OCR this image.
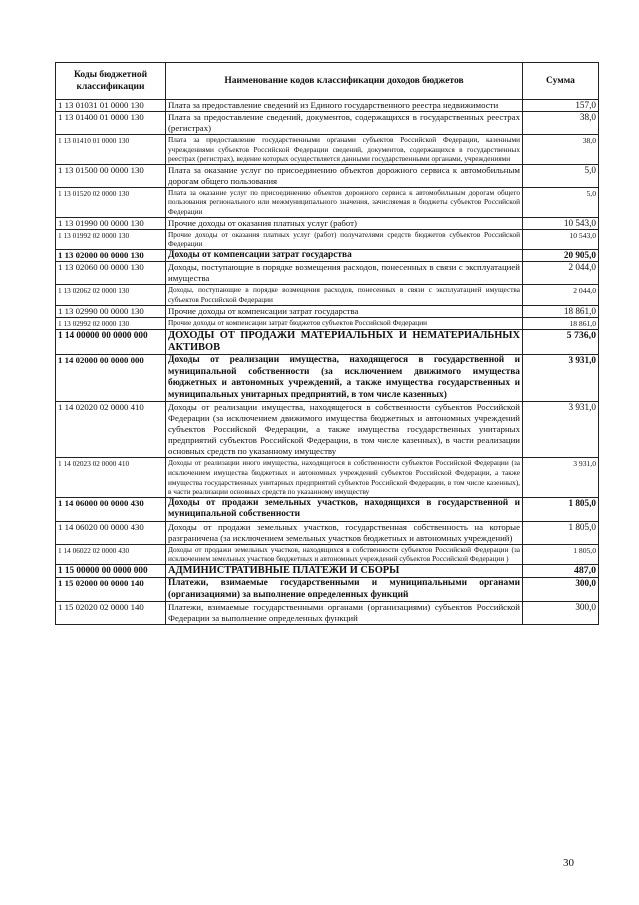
Коды бюджетной классификации	Наименование кодов классификации доходов бюджетов	Сумма
1 13 01031 01 0000 130	Плата за предоставление сведений из Единого государственного реестра недвижимости	157,0
1 13 01400 01 0000 130	Плата за предоставление сведений, документов, содержащихся в государственных реестрах (регистрах)	38,0
1 13 01410 01 0000 130	Плата за предоставление государственными органами субъектов Российской Федерации, казенными учреждениями субъектов Российской Федерации сведений, документов, содержащихся в государственных реестрах (регистрах), ведение которых осуществляется данными государственными органами, учреждениями	38,0
1 13 01500 00 0000 130	Плата за оказание услуг по присоединению объектов дорожного сервиса к автомобильным дорогам общего пользования	5,0
1 13 01520 02 0000 130	Плата за оказание услуг по присоединению объектов дорожного сервиса к автомобильным дорогам общего пользования регионального или межмуниципального значения, зачисляемая в бюджеты субъектов Российской Федерации	5,0
1 13 01990 00 0000 130	Прочие доходы от оказания платных услуг (работ)	10 543,0
1 13 01992 02 0000 130	Прочие доходы от оказания платных услуг (работ) получателями средств бюджетов субъектов Российской Федерации	10 543,0
1 13 02000 00 0000 130	Доходы от компенсации затрат государства	20 905,0
1 13 02060 00 0000 130	Доходы, поступающие в порядке возмещения расходов, понесенных в связи с эксплуатацией имущества	2 044,0
1 13 02062 02 0000 130	Доходы, поступающие в порядке возмещения расходов, понесенных в связи с эксплуатацией имущества субъектов Российской Федерации	2 044,0
1 13 02990 00 0000 130	Прочие доходы от компенсации затрат государства	18 861,0
1 13 02992 02 0000 130	Прочие доходы от компенсации затрат бюджетов субъектов Российской Федерации	18 861,0
1 14 00000 00 0000 000	ДОХОДЫ ОТ ПРОДАЖИ МАТЕРИАЛЬНЫХ И НЕМАТЕРИАЛЬНЫХ АКТИВОВ	5 736,0
1 14 02000 00 0000 000	Доходы от реализации имущества, находящегося в государственной и муниципальной собственности (за исключением движимого имущества бюджетных и автономных учреждений, а также имущества государственных и муниципальных унитарных предприятий, в том числе казенных)	3 931,0
1 14 02020 02 0000 410	Доходы от реализации имущества, находящегося в собственности субъектов Российской Федерации (за исключением движимого имущества бюджетных и автономных учреждений субъектов Российской Федерации, а также имущества государственных унитарных предприятий субъектов Российской Федерации, в том числе казенных), в части реализации основных средств по указанному имуществу	3 931,0
1 14 02023 02 0000 410	Доходы от реализации иного имущества, находящегося в собственности субъектов Российской Федерации (за исключением имущества бюджетных и автономных учреждений субъектов Российской Федерации, а также имущества государственных унитарных предприятий субъектов Российской Федерации, в том числе казенных), в части реализации основных средств по указанному имуществу	3 931,0
1 14 06000 00 0000 430	Доходы от продажи земельных участков, находящихся в государственной и муниципальной собственности	1 805,0
1 14 06020 00 0000 430	Доходы от продажи земельных участков, государственная собственность на которые разграничена (за исключением земельных участков бюджетных и автономных учреждений)	1 805,0
1 14 06022 02 0000 430	Доходы от продажи земельных участков, находящихся в собственности субъектов Российской Федерации (за исключением земельных участков бюджетных и автономных учреждений субъектов Российской Федерации )	1 805,0
1 15 00000 00 0000 000	АДМИНИСТРАТИВНЫЕ ПЛАТЕЖИ И СБОРЫ	487,0
1 15 02000 00 0000 140	Платежи, взимаемые государственными и муниципальными органами (организациями) за выполнение определенных функций	300,0
1 15 02020 02 0000 140	Платежи, взимаемые государственными органами (организациями) субъектов Российской Федерации за выполнение определенных функций	300,0
30
